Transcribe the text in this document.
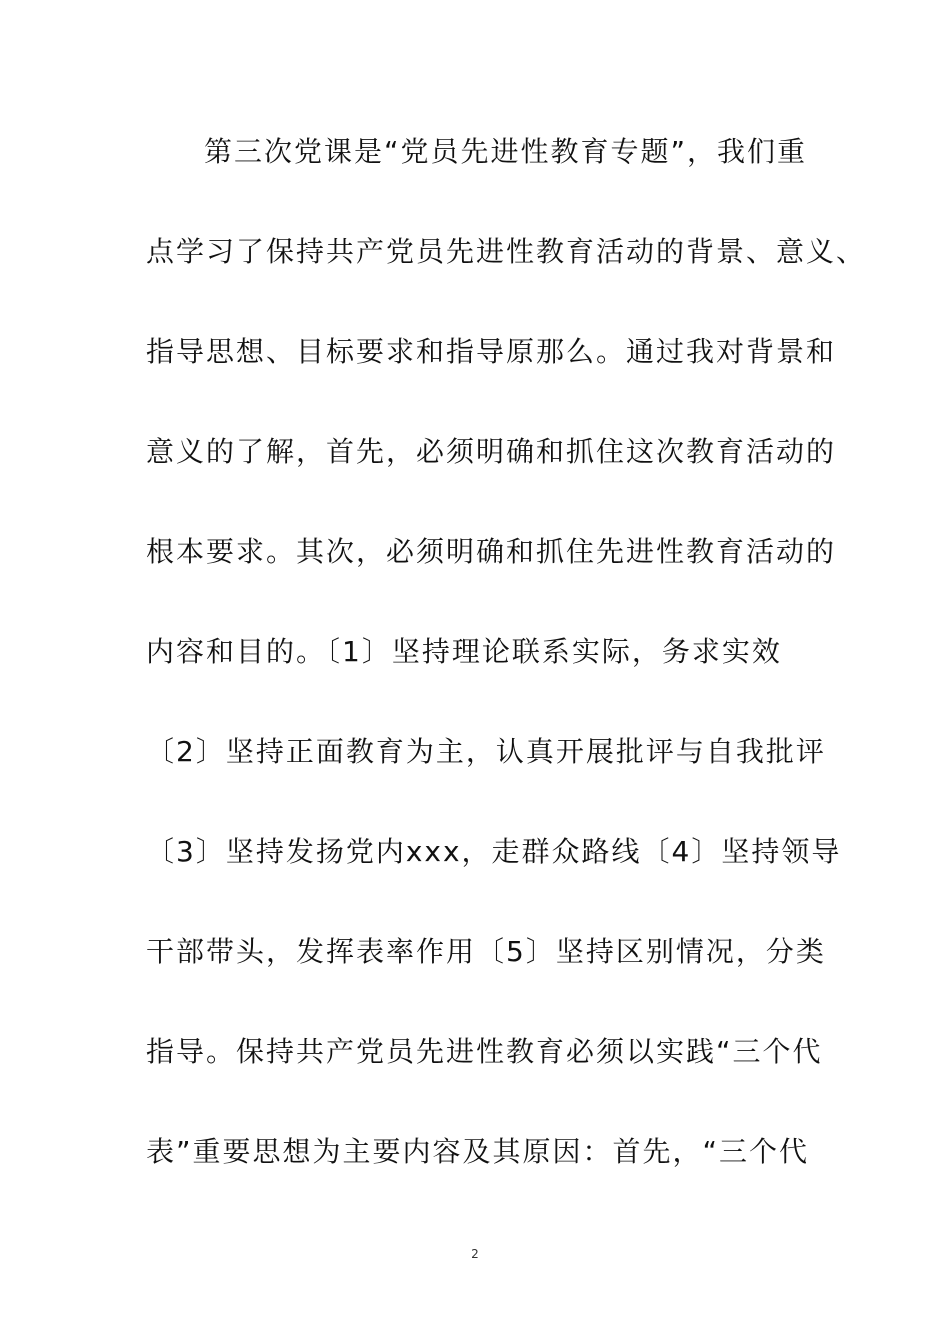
第三次党课是“党员先进性教育专题”，我们重
点学习了保持共产党员先进性教育活动的背景、意义、
指导思想、目标要求和指导原那么。通过我对背景和
意义的了解，首先，必须明确和抓住这次教育活动的
根本要求。其次，必须明确和抓住先进性教育活动的
内容和目的。〔1〕坚持理论联系实际，务求实效
〔2〕坚持正面教育为主，认真开展批评与自我批评
〔3〕坚持发扬党内xxx，走群众路线〔4〕坚持领导
干部带头，发挥表率作用〔5〕坚持区别情况，分类
指导。保持共产党员先进性教育必须以实践“三个代
表”重要思想为主要内容及其原因：首先，“三个代
2
